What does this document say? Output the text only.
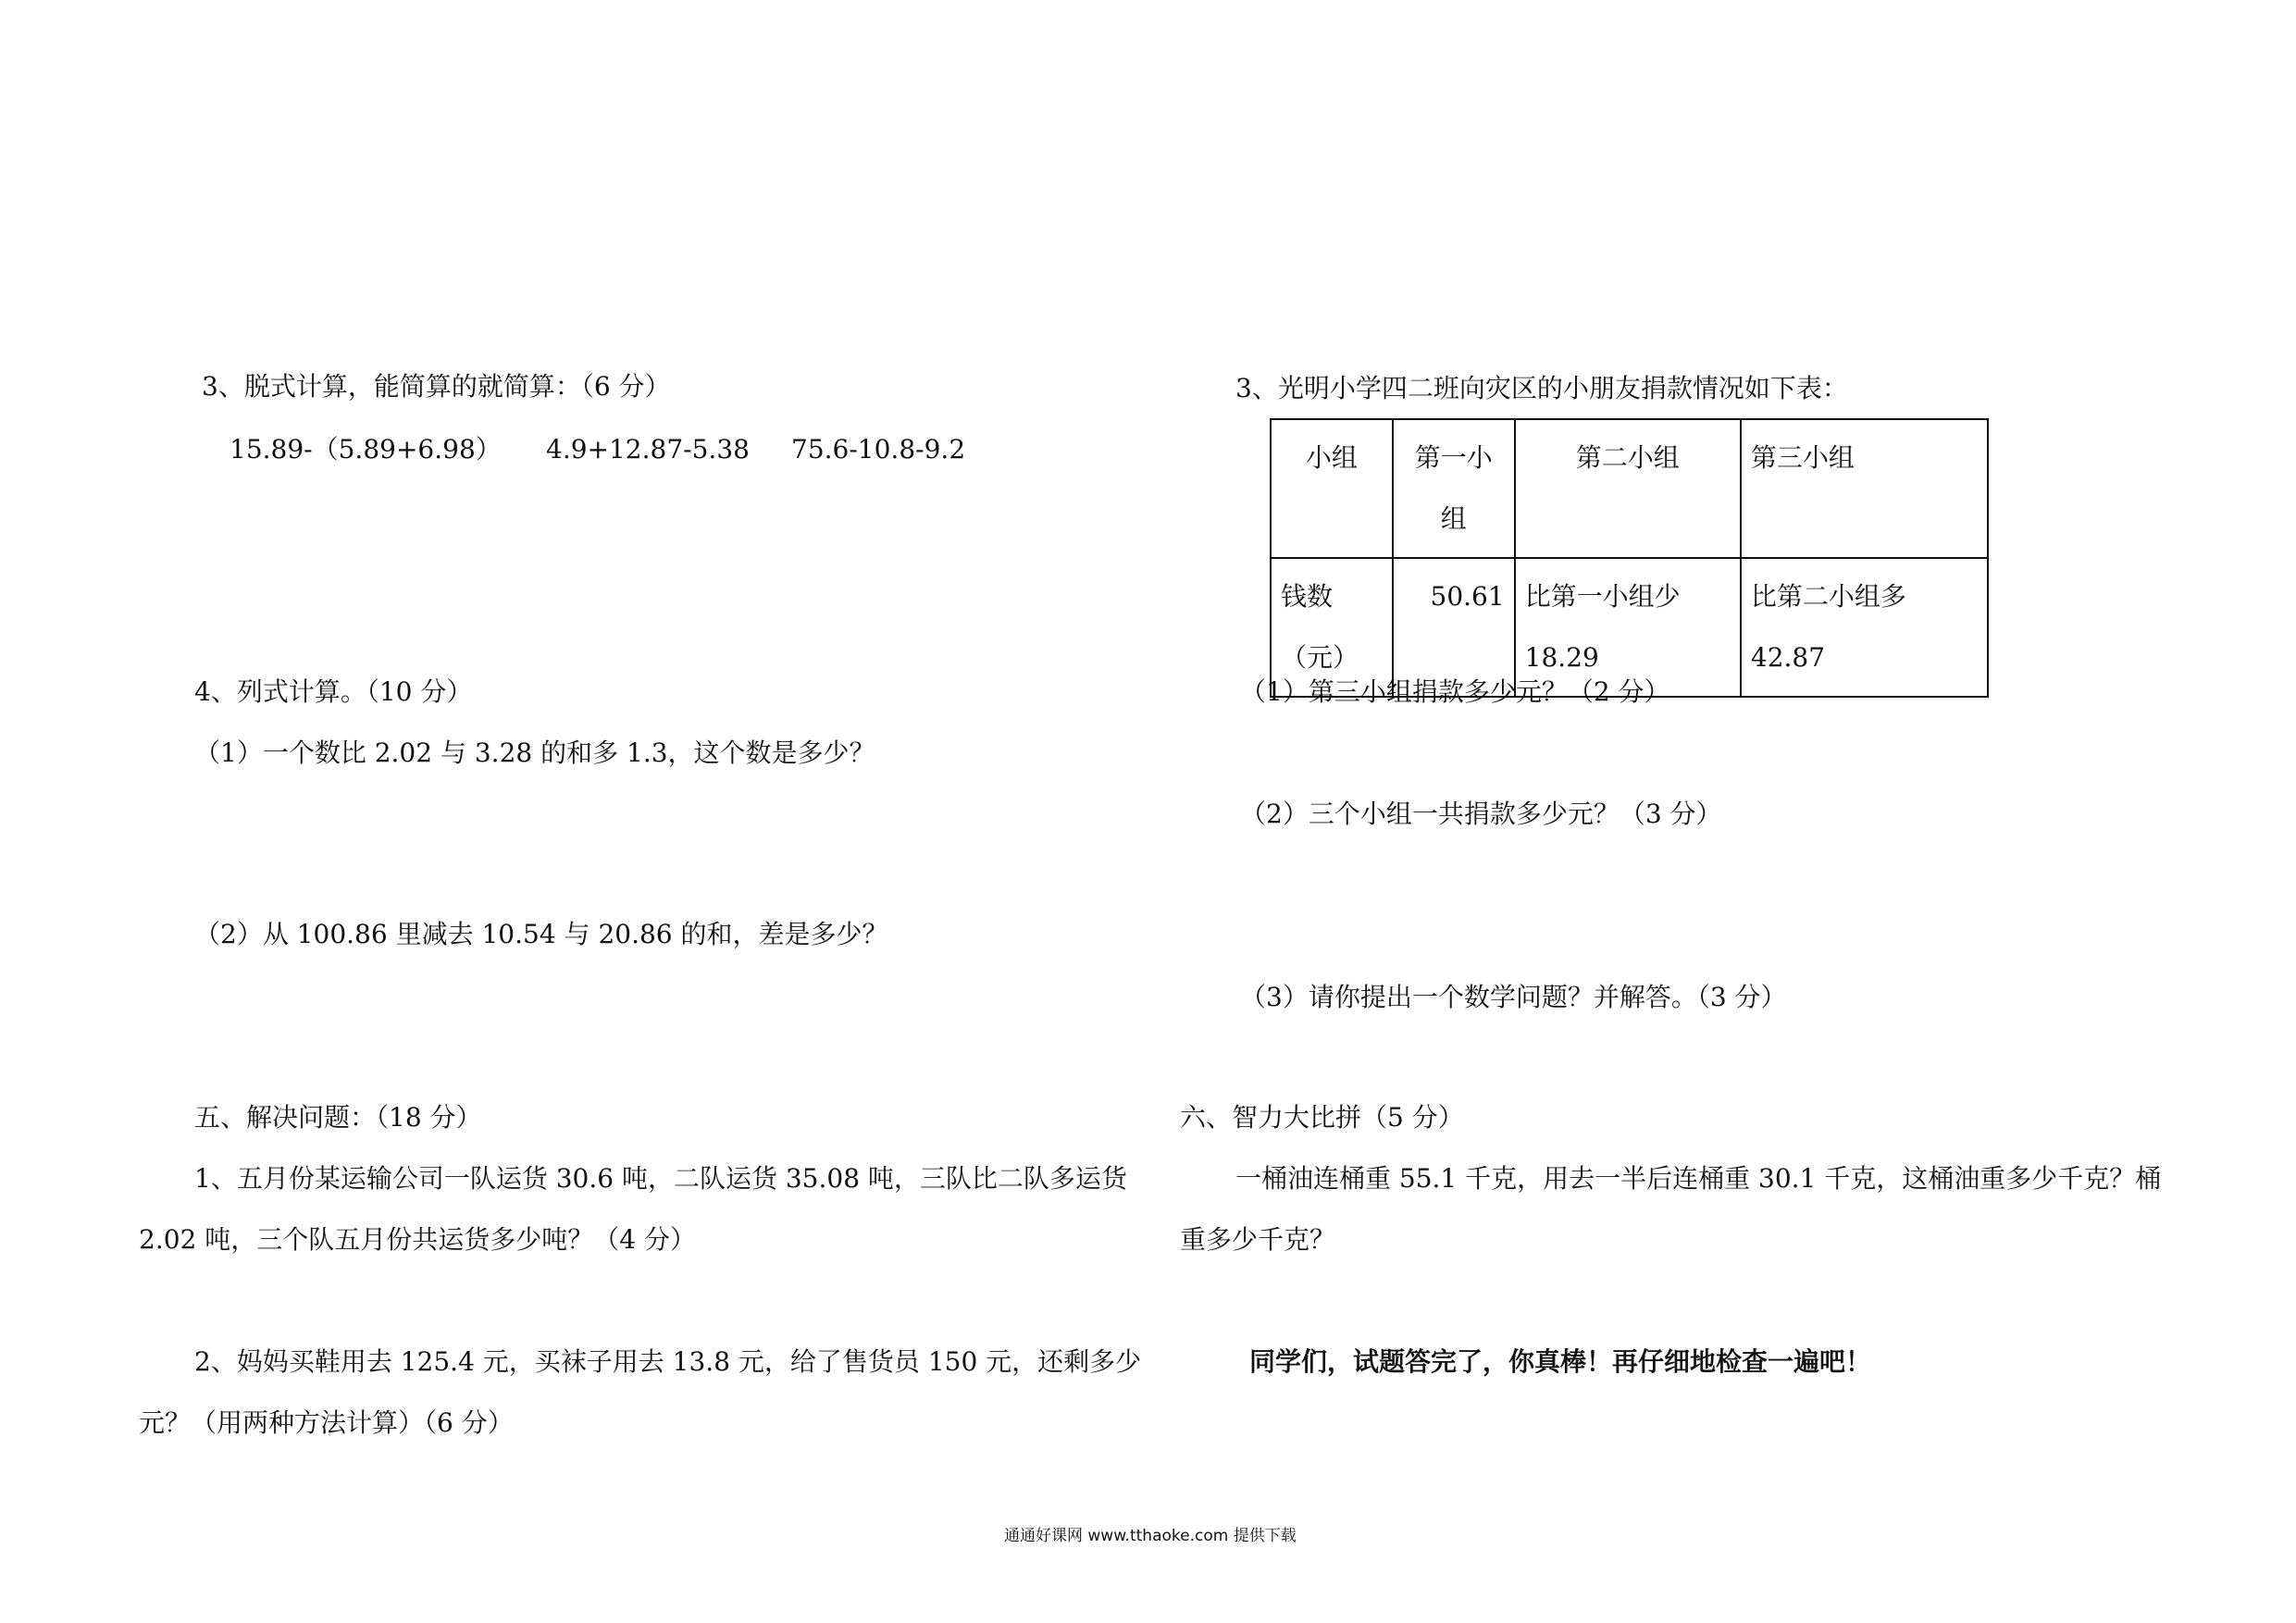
3、脱式计算，能简算的就简算：（6 分）
15.89-（5.89+6.98） 4.9+12.87-5.38 75.6-10.8-9.2
4、列式计算。（10 分）
（1）一个数比 2.02 与 3.28 的和多 1.3，这个数是多少？
（2）从 100.86 里减去 10.54 与 20.86 的和，差是多少？
五、解决问题：（18 分）
1、五月份某运输公司一队运货 30.6 吨，二队运货 35.08 吨，三队比二队多运货
2.02 吨，三个队五月份共运货多少吨？（4 分）
2、妈妈买鞋用去 125.4 元，买袜子用去 13.8 元，给了售货员 150 元，还剩多少
元？（用两种方法计算）（6 分）
3、光明小学四二班向灾区的小朋友捐款情况如下表：
小组	第一小组	第二小组	第三小组
钱数（元）	50.61	比第一小组少 18.29	比第二小组多 42.87
（1）第三小组捐款多少元？（2 分）
（2）三个小组一共捐款多少元？（3 分）
（3）请你提出一个数学问题？并解答。（3 分）
六、智力大比拼（5 分）
一桶油连桶重 55.1 千克，用去一半后连桶重 30.1 千克，这桶油重多少千克？桶
重多少千克？
同学们，试题答完了，你真棒！再仔细地检查一遍吧！
通通好课网 www.tthaoke.com 提供下载
